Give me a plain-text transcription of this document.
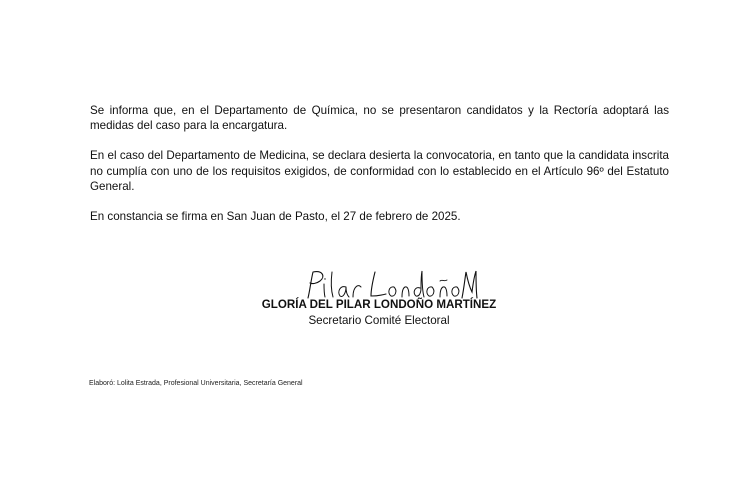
Se informa que, en el Departamento de Química, no se presentaron candidatos y la Rectoría adoptará las medidas del caso para la encargatura.

En el caso del Departamento de Medicina, se declara desierta la convocatoria, en tanto que la candidata inscrita no cumplía con uno de los requisitos exigidos, de conformidad con lo establecido en el Artículo 96º del Estatuto General.

En constancia se firma en San Juan de Pasto, el 27 de febrero de 2025.

GLORÍA DEL PILAR LONDOÑO MARTÍNEZ
Secretario Comité Electoral
Elaboró: Lolita Estrada, Profesional Universitaria, Secretaría General
